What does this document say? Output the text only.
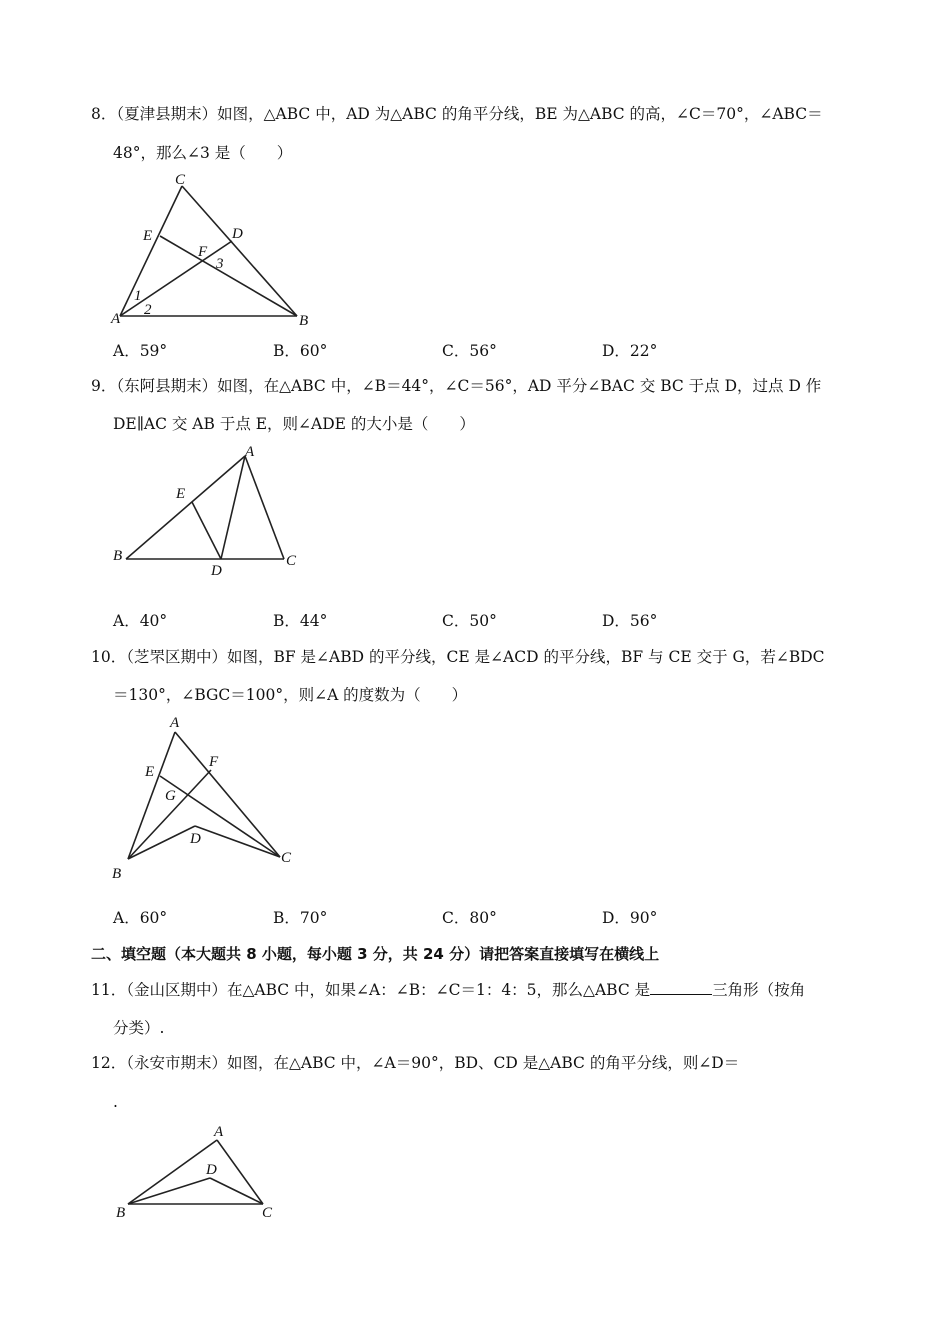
8．（夏津县期末）如图，△ABC 中，AD 为△ABC 的角平分线，BE 为△ABC 的高，∠C＝70°，∠ABC＝
48°，那么∠3 是（　　）
C
E	D
F
3
1
2
A	B
A．59°	B．60°	C．56°	D．22°
9．（东阿县期末）如图，在△ABC 中，∠B＝44°，∠C＝56°，AD 平分∠BAC 交 BC 于点 D，过点 D 作
DE∥AC 交 AB 于点 E，则∠ADE 的大小是（　　）
A
E
B
D
C
A．40°	B．44°	C．50°	D．56°
10．（芝罘区期中）如图，BF 是∠ABD 的平分线，CE 是∠ACD 的平分线，BF 与 CE 交于 G，若∠BDC
＝130°，∠BGC＝100°，则∠A 的度数为（　　）
A
F
E
G
D
C
B
A．60°	B．70°	C．80°	D．90°
二、填空题（本大题共 8 小题，每小题 3 分，共 24 分）请把答案直接填写在横线上
11．（金山区期中）在△ABC 中，如果∠A：∠B：∠C＝1：4：5，那么△ABC 是	三角形（按角
分类）.
12．（永安市期末）如图，在△ABC 中，∠A＝90°，BD、CD 是△ABC 的角平分线，则∠D＝
.
A
D
B	C
